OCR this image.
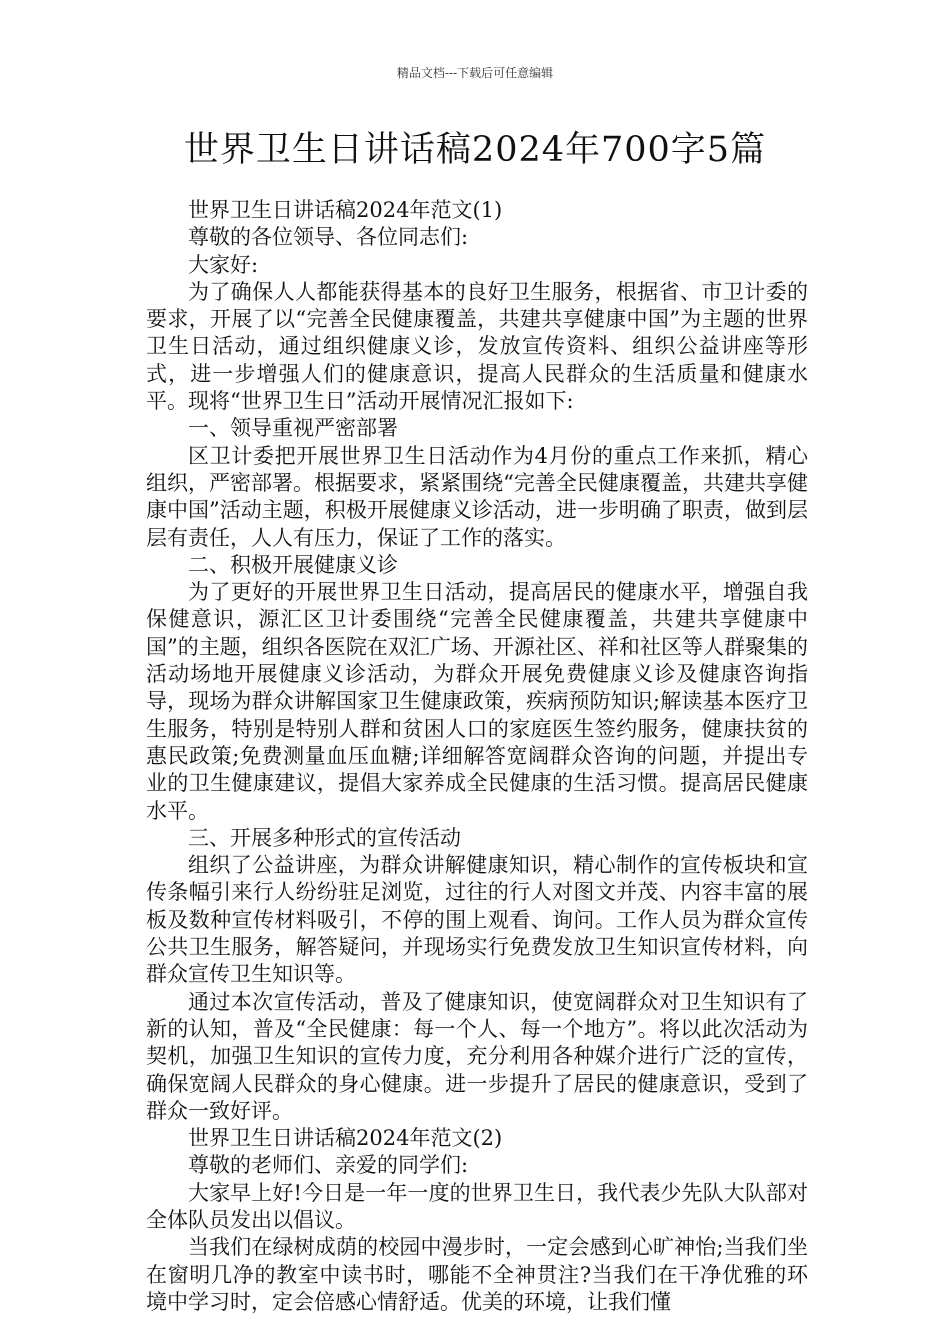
精品文档---下载后可任意编辑
世界卫生日讲话稿2024年700字5篇

世界卫生日讲话稿2024年范文(1)

尊敬的各位领导、各位同志们:

大家好:

为了确保人人都能获得基本的良好卫生服务，根据省、市卫计委的要求，开展了以“完善全民健康覆盖，共建共享健康中国”为主题的世界卫生日活动，通过组织健康义诊，发放宣传资料、组织公益讲座等形式，进一步增强人们的健康意识，提高人民群众的生活质量和健康水平。现将“世界卫生日”活动开展情况汇报如下:

一、领导重视严密部署

区卫计委把开展世界卫生日活动作为4月份的重点工作来抓，精心组织，严密部署。根据要求，紧紧围绕“完善全民健康覆盖，共建共享健康中国”活动主题，积极开展健康义诊活动，进一步明确了职责，做到层层有责任，人人有压力，保证了工作的落实。

二、积极开展健康义诊

为了更好的开展世界卫生日活动，提高居民的健康水平，增强自我保健意识，源汇区卫计委围绕“完善全民健康覆盖，共建共享健康中国”的主题，组织各医院在双汇广场、开源社区、祥和社区等人群聚集的活动场地开展健康义诊活动，为群众开展免费健康义诊及健康咨询指导，现场为群众讲解国家卫生健康政策，疾病预防知识;解读基本医疗卫生服务，特别是特别人群和贫困人口的家庭医生签约服务，健康扶贫的惠民政策;免费测量血压血糖;详细解答宽阔群众咨询的问题，并提出专业的卫生健康建议，提倡大家养成全民健康的生活习惯。提高居民健康水平。

三、开展多种形式的宣传活动

组织了公益讲座，为群众讲解健康知识，精心制作的宣传板块和宣传条幅引来行人纷纷驻足浏览，过往的行人对图文并茂、内容丰富的展板及数种宣传材料吸引，不停的围上观看、询问。工作人员为群众宣传公共卫生服务，解答疑问，并现场实行免费发放卫生知识宣传材料，向群众宣传卫生知识等。

通过本次宣传活动，普及了健康知识，使宽阔群众对卫生知识有了新的认知，普及“全民健康：每一个人、每一个地方”。将以此次活动为契机，加强卫生知识的宣传力度，充分利用各种媒介进行广泛的宣传，确保宽阔人民群众的身心健康。进一步提升了居民的健康意识，受到了群众一致好评。

世界卫生日讲话稿2024年范文(2)

尊敬的老师们、亲爱的同学们:

大家早上好!今日是一年一度的世界卫生日，我代表少先队大队部对全体队员发出以倡议。

当我们在绿树成荫的校园中漫步时，一定会感到心旷神怡;当我们坐在窗明几净的教室中读书时，哪能不全神贯注?当我们在干净优雅的环境中学习时，定会倍感心情舒适。优美的环境，让我们懂
